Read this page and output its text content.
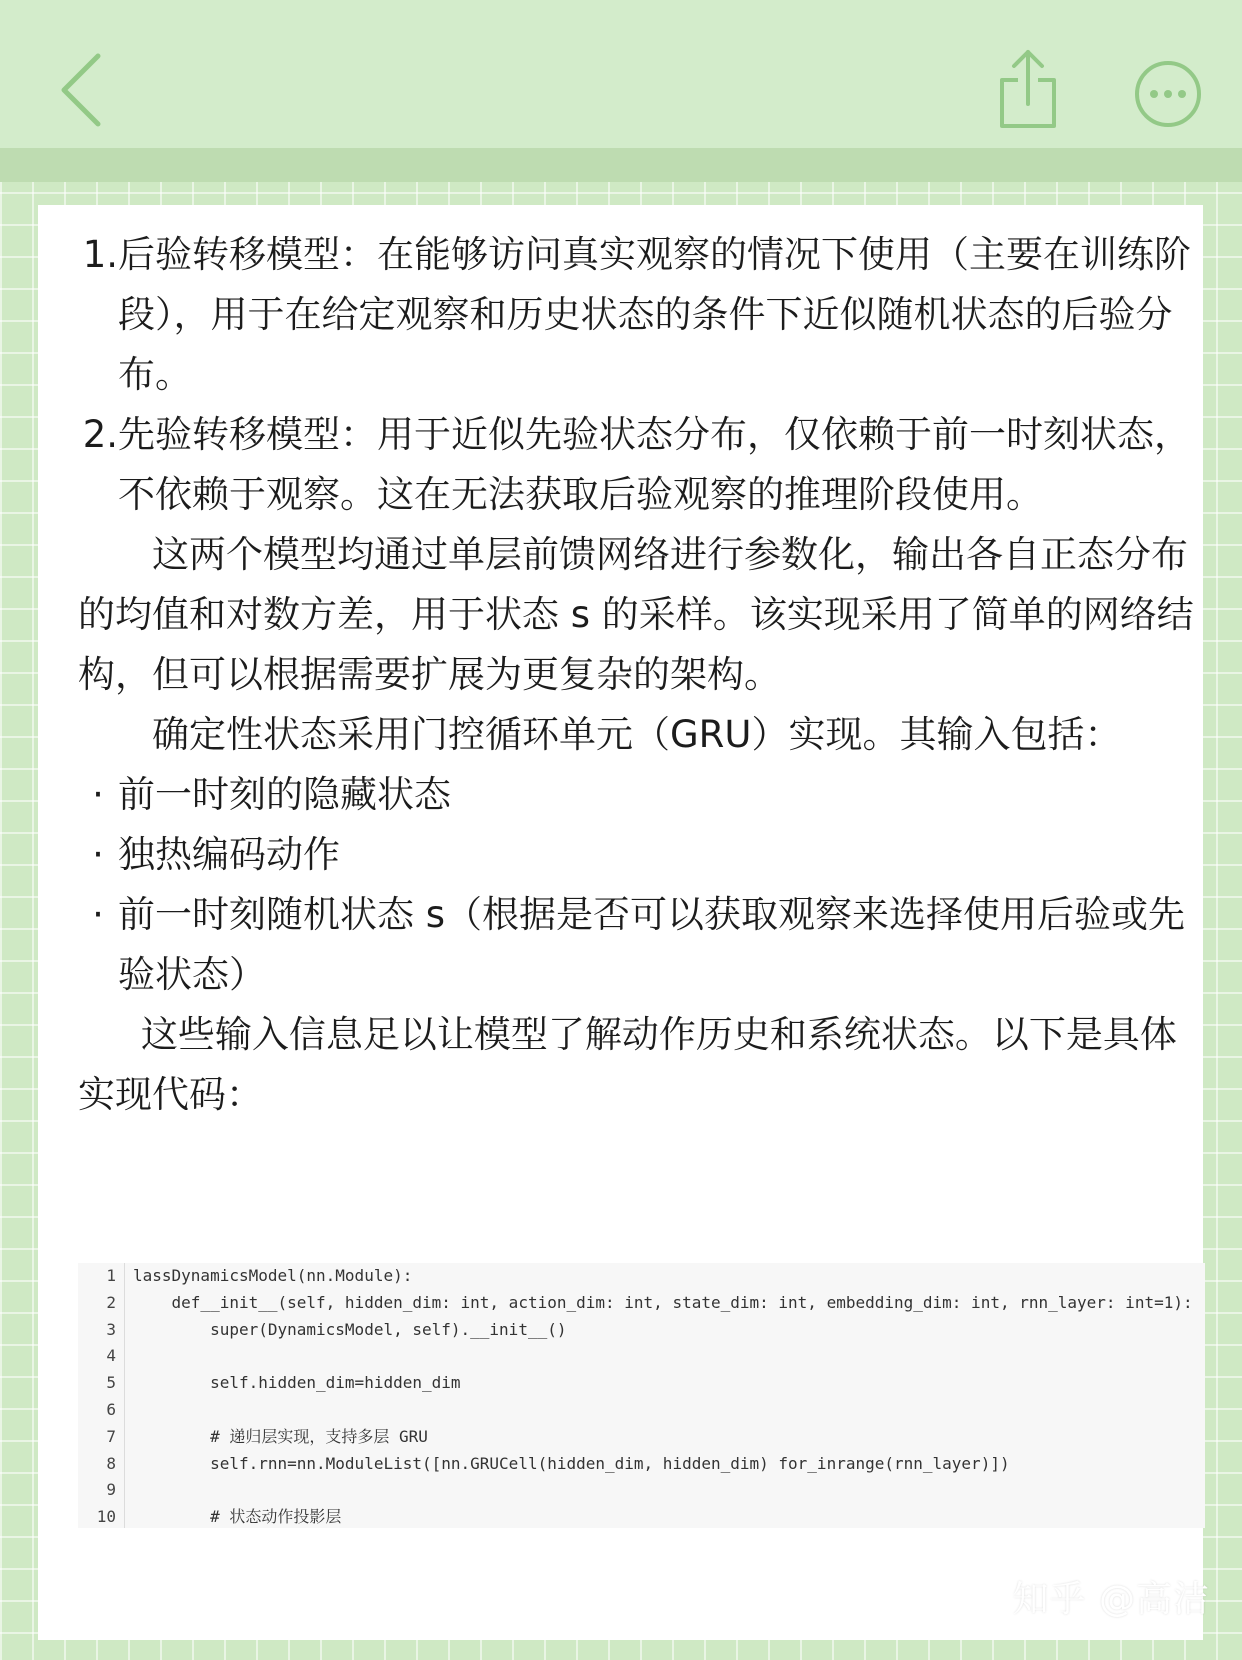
1. 后验转移模型：在能够访问真实观察的情况下使用（主要在训练阶段），用于在给定观察和历史状态的条件下近似随机状态的后验分布。

2. 先验转移模型：用于近似先验状态分布，仅依赖于前一时刻状态，不依赖于观察。这在无法获取后验观察的推理阶段使用。

这两个模型均通过单层前馈网络进行参数化，输出各自正态分布的均值和对数方差，用于状态 s 的采样。该实现采用了简单的网络结构，但可以根据需要扩展为更复杂的架构。

确定性状态采用门控循环单元（GRU）实现。其输入包括：

· 前一时刻的隐藏状态

· 独热编码动作

· 前一时刻随机状态 s（根据是否可以获取观察来选择使用后验或先验状态）

这些输入信息足以让模型了解动作历史和系统状态。以下是具体实现代码：

1	lassDynamicsModel(nn.Module):
2	def__init__(self, hidden_dim: int, action_dim: int, state_dim: int, embedding_dim: int, rnn_layer: int=1):
3	super(DynamicsModel, self).__init__()
4
5	self.hidden_dim=hidden_dim
6
7	# 递归层实现，支持多层 GRU
8	self.rnn=nn.ModuleList([nn.GRUCell(hidden_dim, hidden_dim) for_inrange(rnn_layer)])
9
10	# 状态动作投影层
知乎 @高洁
